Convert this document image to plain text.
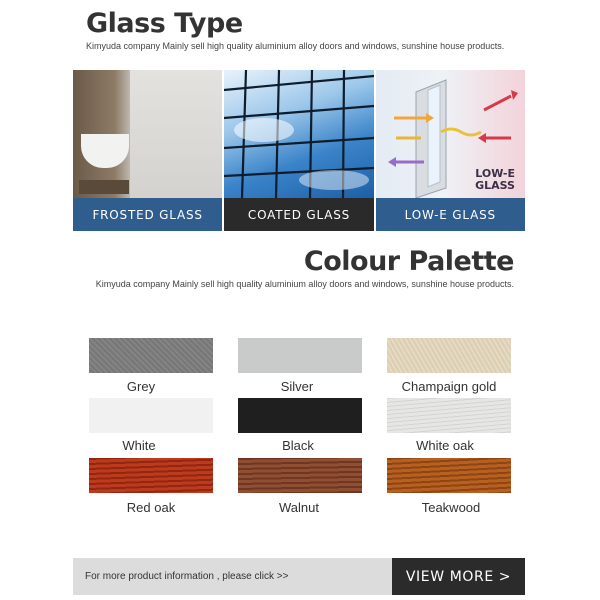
Glass Type
Kimyuda company Mainly sell high quality aluminium alloy doors and windows, sunshine house products.
FROSTED GLASS	COATED GLASS
LOW-E
GLASS
LOW-E GLASS
Colour Palette
Kimyuda company Mainly sell high quality aluminium alloy doors and windows, sunshine house products.
Grey	Silver	Champaign gold
White	Black	White oak
Red oak	Walnut	Teakwood
For more product information , please click >>	VIEW MORE >
